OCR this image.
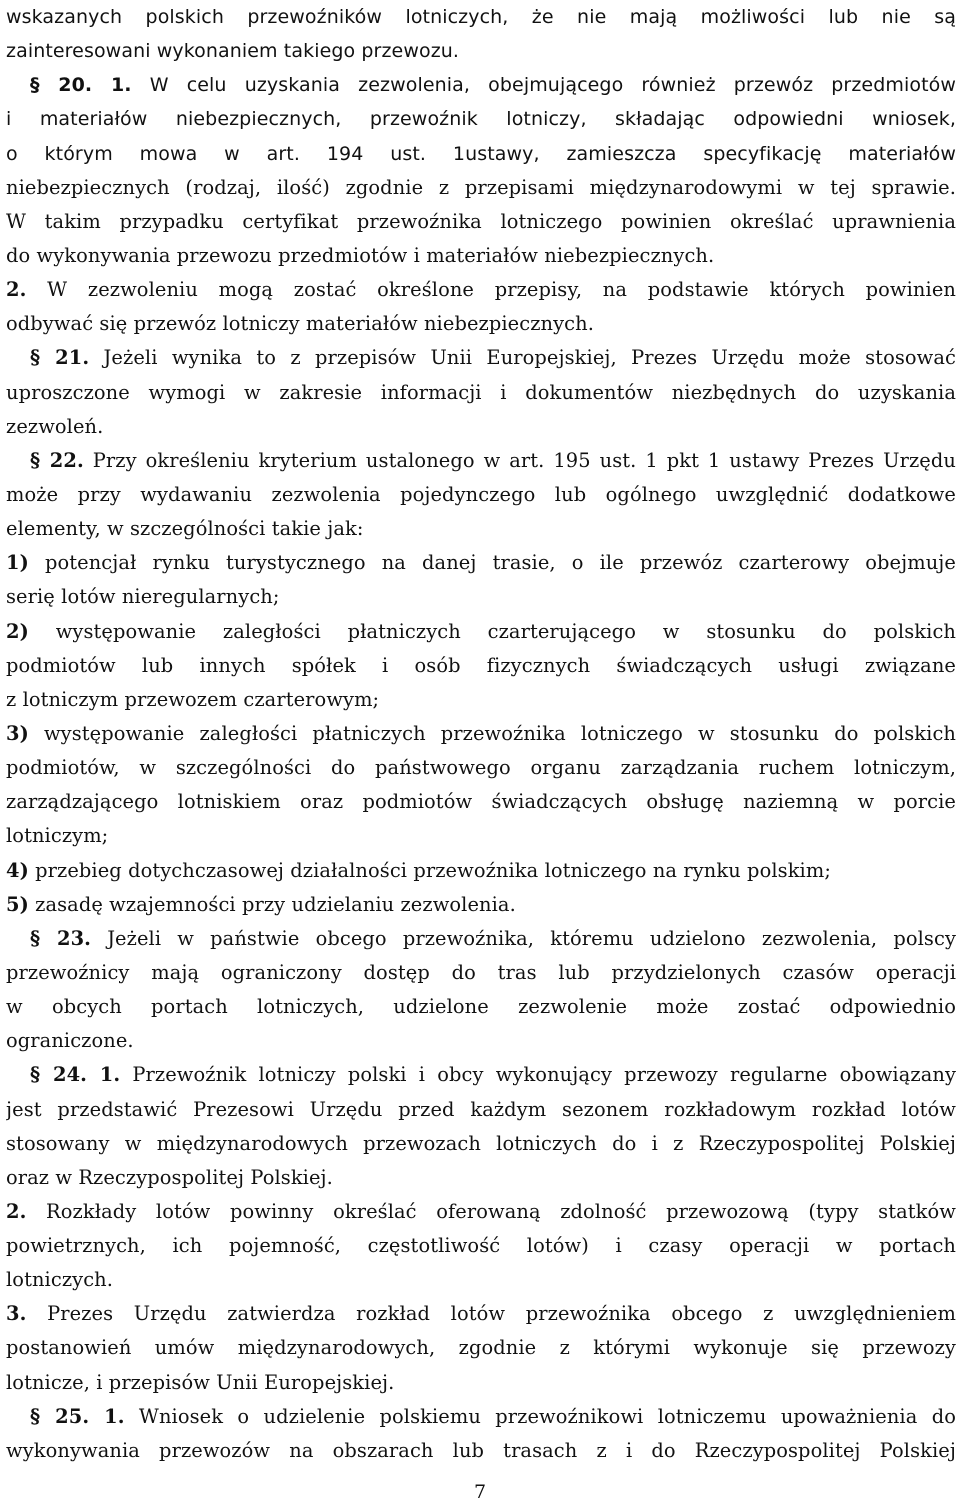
wskazanych polskich przewoźników lotniczych, że nie mają możliwości lub nie są
zainteresowani wykonaniem takiego przewozu.
§ 20. 1. W celu uzyskania zezwolenia, obejmującego również przewóz przedmiotów
i materiałów niebezpiecznych, przewoźnik lotniczy, składając odpowiedni wniosek,
o którym mowa w art. 194 ust. 1ustawy, zamieszcza specyfikację materiałów
niebezpiecznych (rodzaj, ilość) zgodnie z przepisami międzynarodowymi w tej sprawie.
W takim przypadku certyfikat przewoźnika lotniczego powinien określać uprawnienia
do wykonywania przewozu przedmiotów i materiałów niebezpiecznych.
2. W zezwoleniu mogą zostać określone przepisy, na podstawie których powinien
odbywać się przewóz lotniczy materiałów niebezpiecznych.
§ 21. Jeżeli wynika to z przepisów Unii Europejskiej, Prezes Urzędu może stosować
uproszczone wymogi w zakresie informacji i dokumentów niezbędnych do uzyskania
zezwoleń.
§ 22. Przy określeniu kryterium ustalonego w art. 195 ust. 1 pkt 1 ustawy Prezes Urzędu
może przy wydawaniu zezwolenia pojedynczego lub ogólnego uwzględnić dodatkowe
elementy, w szczególności takie jak:
1) potencjał rynku turystycznego na danej trasie, o ile przewóz czarterowy obejmuje
serię lotów nieregularnych;
2) występowanie zaległości płatniczych czarterującego w stosunku do polskich
podmiotów lub innych spółek i osób fizycznych świadczących usługi związane
z lotniczym przewozem czarterowym;
3) występowanie zaległości płatniczych przewoźnika lotniczego w stosunku do polskich
podmiotów, w szczególności do państwowego organu zarządzania ruchem lotniczym,
zarządzającego lotniskiem oraz podmiotów świadczących obsługę naziemną w porcie
lotniczym;
4) przebieg dotychczasowej działalności przewoźnika lotniczego na rynku polskim;
5) zasadę wzajemności przy udzielaniu zezwolenia.
§ 23. Jeżeli w państwie obcego przewoźnika, któremu udzielono zezwolenia, polscy
przewoźnicy mają ograniczony dostęp do tras lub przydzielonych czasów operacji
w obcych portach lotniczych, udzielone zezwolenie może zostać odpowiednio
ograniczone.
§ 24. 1. Przewoźnik lotniczy polski i obcy wykonujący przewozy regularne obowiązany
jest przedstawić Prezesowi Urzędu przed każdym sezonem rozkładowym rozkład lotów
stosowany w międzynarodowych przewozach lotniczych do i z Rzeczypospolitej Polskiej
oraz w Rzeczypospolitej Polskiej.
2. Rozkłady lotów powinny określać oferowaną zdolność przewozową (typy statków
powietrznych, ich pojemność, częstotliwość lotów) i czasy operacji w portach
lotniczych.
3. Prezes Urzędu zatwierdza rozkład lotów przewoźnika obcego z uwzględnieniem
postanowień umów międzynarodowych, zgodnie z którymi wykonuje się przewozy
lotnicze, i przepisów Unii Europejskiej.
§ 25. 1. Wniosek o udzielenie polskiemu przewoźnikowi lotniczemu upoważnienia do
wykonywania przewozów na obszarach lub trasach z i do Rzeczypospolitej Polskiej
7
